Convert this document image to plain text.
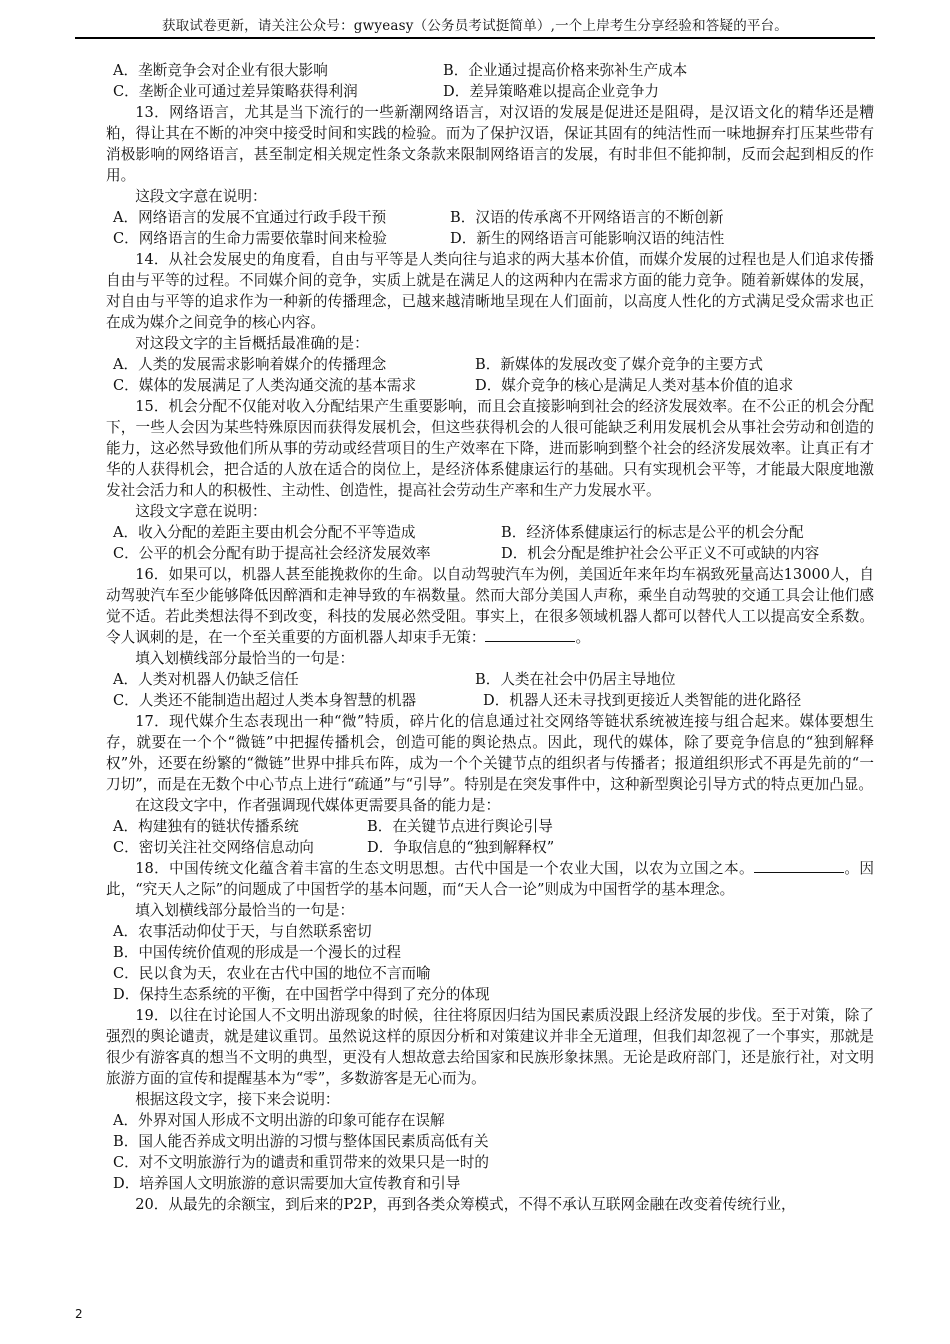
获取试卷更新，请关注公众号：gwyeasy（公务员考试挺简单）,一个上岸考生分享经验和答疑的平台。
A．垄断竞争会对企业有很大影响	B．企业通过提高价格来弥补生产成本
C．垄断企业可通过差异策略获得利润	D．差异策略难以提高企业竞争力

13．网络语言，尤其是当下流行的一些新潮网络语言，对汉语的发展是促进还是阻碍，是汉语文化的精华还是糟粕，得让其在不断的冲突中接受时间和实践的检验。而为了保护汉语，保证其固有的纯洁性而一味地摒弃打压某些带有消极影响的网络语言，甚至制定相关规定性条文条款来限制网络语言的发展，有时非但不能抑制，反而会起到相反的作用。

这段文字意在说明：

A．网络语言的发展不宜通过行政手段干预	B．汉语的传承离不开网络语言的不断创新
C．网络语言的生命力需要依靠时间来检验	D．新生的网络语言可能影响汉语的纯洁性

14．从社会发展史的角度看，自由与平等是人类向往与追求的两大基本价值，而媒介发展的过程也是人们追求传播自由与平等的过程。不同媒介间的竞争，实质上就是在满足人的这两种内在需求方面的能力竞争。随着新媒体的发展，对自由与平等的追求作为一种新的传播理念，已越来越清晰地呈现在人们面前，以高度人性化的方式满足受众需求也正在成为媒介之间竞争的核心内容。

对这段文字的主旨概括最准确的是：

A．人类的发展需求影响着媒介的传播理念	B．新媒体的发展改变了媒介竞争的主要方式
C．媒体的发展满足了人类沟通交流的基本需求	D．媒介竞争的核心是满足人类对基本价值的追求

15．机会分配不仅能对收入分配结果产生重要影响，而且会直接影响到社会的经济发展效率。在不公正的机会分配下，一些人会因为某些特殊原因而获得发展机会，但这些获得机会的人很可能缺乏利用发展机会从事社会劳动和创造的能力，这必然导致他们所从事的劳动或经营项目的生产效率在下降，进而影响到整个社会的经济发展效率。让真正有才华的人获得机会，把合适的人放在适合的岗位上，是经济体系健康运行的基础。只有实现机会平等，才能最大限度地激发社会活力和人的积极性、主动性、创造性，提高社会劳动生产率和生产力发展水平。

这段文字意在说明：

A．收入分配的差距主要由机会分配不平等造成	B．经济体系健康运行的标志是公平的机会分配
C．公平的机会分配有助于提高社会经济发展效率	D．机会分配是维护社会公平正义不可或缺的内容

16．如果可以，机器人甚至能挽救你的生命。以自动驾驶汽车为例，美国近年来年均车祸致死量高达13000人，自动驾驶汽车至少能够降低因醉酒和走神导致的车祸数量。然而大部分美国人声称，乘坐自动驾驶的交通工具会让他们感觉不适。若此类想法得不到改变，科技的发展必然受阻。事实上，在很多领域机器人都可以替代人工以提高安全系数。令人讽刺的是，在一个至关重要的方面机器人却束手无策：	。

填入划横线部分最恰当的一句是：

A．人类对机器人仍缺乏信任	B．人类在社会中仍居主导地位
C．人类还不能制造出超过人类本身智慧的机器	D．机器人还未寻找到更接近人类智能的进化路径

17．现代媒介生态表现出一种“微”特质，碎片化的信息通过社交网络等链状系统被连接与组合起来。媒体要想生存，就要在一个个“微链”中把握传播机会，创造可能的舆论热点。因此，现代的媒体，除了要竞争信息的“独到解释权”外，还要在纷繁的“微链”世界中排兵布阵，成为一个个关键节点的组织者与传播者；报道组织形式不再是先前的“一刀切”，而是在无数个中心节点上进行“疏通”与“引导”。特别是在突发事件中，这种新型舆论引导方式的特点更加凸显。

在这段文字中，作者强调现代媒体更需要具备的能力是：

A．构建独有的链状传播系统	B．在关键节点进行舆论引导
C．密切关注社交网络信息动向	D．争取信息的“独到解释权”

18．中国传统文化蕴含着丰富的生态文明思想。古代中国是一个农业大国，以农为立国之本。	。因此，“究天人之际”的问题成了中国哲学的基本问题，而“天人合一论”则成为中国哲学的基本理念。

填入划横线部分最恰当的一句是：

A．农事活动仰仗于天，与自然联系密切

B．中国传统价值观的形成是一个漫长的过程

C．民以食为天，农业在古代中国的地位不言而喻

D．保持生态系统的平衡，在中国哲学中得到了充分的体现

19．以往在讨论国人不文明出游现象的时候，往往将原因归结为国民素质没跟上经济发展的步伐。至于对策，除了强烈的舆论谴责，就是建议重罚。虽然说这样的原因分析和对策建议并非全无道理，但我们却忽视了一个事实，那就是很少有游客真的想当不文明的典型，更没有人想故意去给国家和民族形象抹黑。无论是政府部门，还是旅行社，对文明旅游方面的宣传和提醒基本为“零”，多数游客是无心而为。

根据这段文字，接下来会说明：

A．外界对国人形成不文明出游的印象可能存在误解

B．国人能否养成文明出游的习惯与整体国民素质高低有关

C．对不文明旅游行为的谴责和重罚带来的效果只是一时的

D．培养国人文明旅游的意识需要加大宣传教育和引导

20．从最先的余额宝，到后来的P2P，再到各类众筹模式，不得不承认互联网金融在改变着传统行业，

2
